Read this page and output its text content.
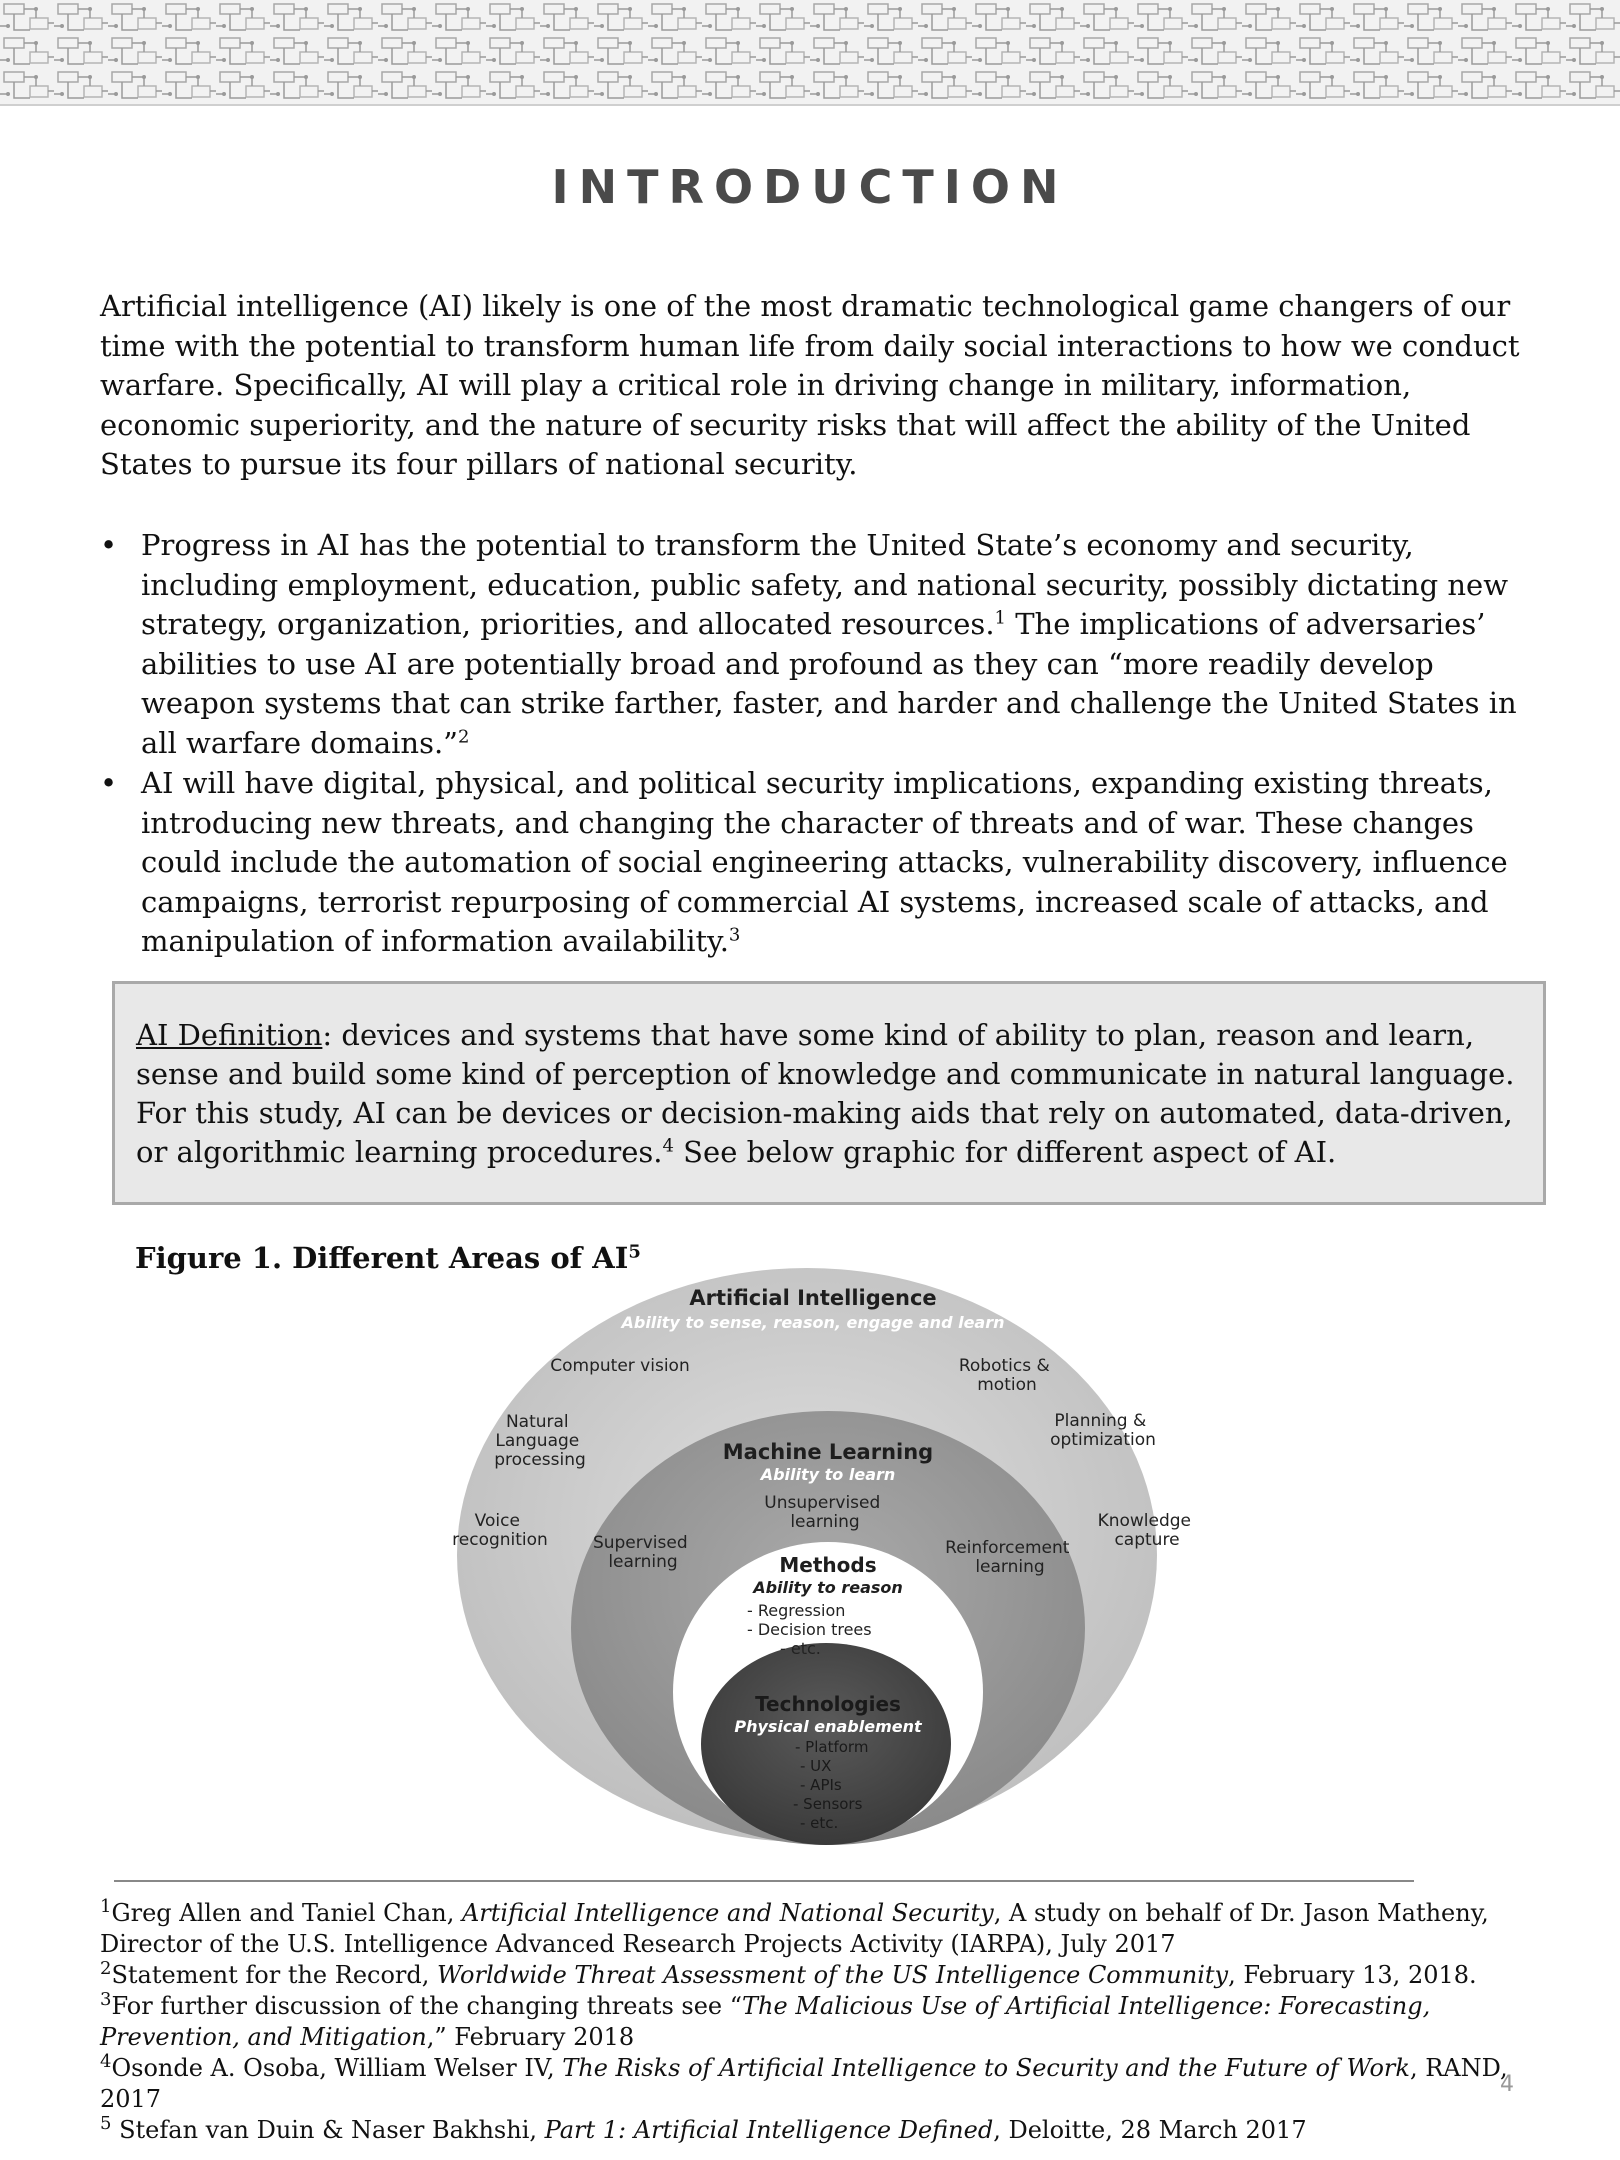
INTRODUCTION

Artificial intelligence (AI) likely is one of the most dramatic technological game changers of our time with the potential to transform human life from daily social interactions to how we conduct warfare. Specifically, AI will play a critical role in driving change in military, information, economic superiority, and the nature of security risks that will affect the ability of the United States to pursue its four pillars of national security.

• Progress in AI has the potential to transform the United State’s economy and security, including employment, education, public safety, and national security, possibly dictating new strategy, organization, priorities, and allocated resources.$^1$ The implications of adversaries’ abilities to use AI are potentially broad and profound as they can “more readily develop weapon systems that can strike farther, faster, and harder and challenge the United States in all warfare domains.”$^2$
• AI will have digital, physical, and political security implications, expanding existing threats, introducing new threats, and changing the character of threats and of war. These changes could include the automation of social engineering attacks, vulnerability discovery, influence campaigns, terrorist repurposing of commercial AI systems, increased scale of attacks, and manipulation of information availability.$^3$

AI Definition: devices and systems that have some kind of ability to plan, reason and learn, sense and build some kind of perception of knowledge and communicate in natural language. For this study, AI can be devices or decision-making aids that rely on automated, data-driven, or algorithmic learning procedures.$^4$ See below graphic for different aspect of AI.

Figure 1. Different Areas of $AI^5$

Artificial Intelligence
Ability to sense, reason, engage and learn
Computer vision	Robotics & motion
Natural Language processing
Planning & optimization
Voice recognition
Knowledge capture
Machine Learning
Ability to learn
Unsupervised learning
Supervised learning
Reinforcement learning
Methods
Ability to reason
- Regression - Decision trees - etc.
Technologies
Physical enablement
- Platform - UX - APIs - Sensors - etc.

$^1$Greg Allen and Taniel Chan, Artificial Intelligence and National Security, A study on behalf of Dr. Jason Matheny, Director of the U.S. Intelligence Advanced Research Projects Activity (IARPA), July 2017

$^2$Statement for the Record, Worldwide Threat Assessment of the US Intelligence Community, February 13, 2018.

$^3$For further discussion of the changing threats see “The Malicious Use of Artificial Intelligence: Forecasting, Prevention, and Mitigation,” February 2018

$^4$Osonde A. Osoba, William Welser IV, The Risks of Artificial Intelligence to Security and the Future of Work, RAND, 2017

$^5$ Stefan van Duin & Naser Bakhshi, Part 1: Artificial Intelligence Defined, Deloitte, 28 March 2017

4
